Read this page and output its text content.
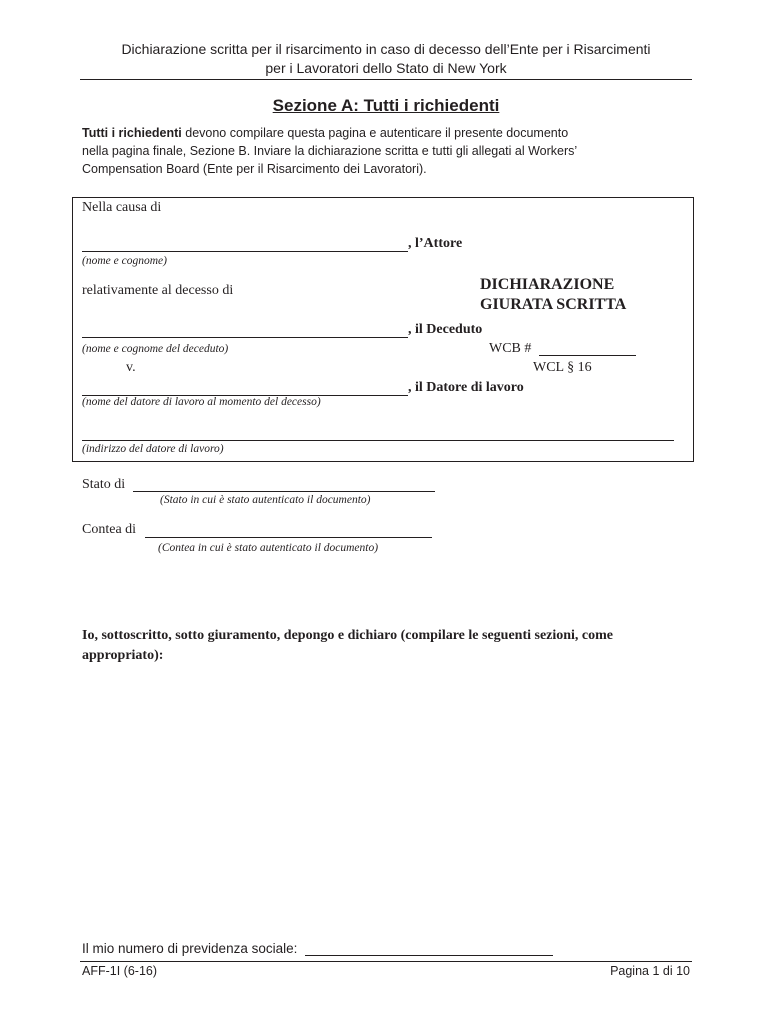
Dichiarazione scritta per il risarcimento in caso di decesso dell’Ente per i Risarcimenti
per i Lavoratori dello Stato di New York
Sezione A: Tutti i richiedenti
Tutti i richiedenti devono compilare questa pagina e autenticare il presente documento
nella pagina finale, Sezione B. Inviare la dichiarazione scritta e tutti gli allegati al Workers’
Compensation Board (Ente per il Risarcimento dei Lavoratori).
Nella causa di
, l’Attore
(nome e cognome)
relativamente al decesso di	DICHIARAZIONE
GIURATA SCRITTA
, il Deceduto
(nome e cognome del deceduto)	WCB #
v.	WCL § 16
, il Datore di lavoro
(nome del datore di lavoro al momento del decesso)
(indirizzo del datore di lavoro)
Stato di
(Stato in cui è stato autenticato il documento)
Contea di
(Contea in cui è stato autenticato il documento)
Io, sottoscritto, sotto giuramento, depongo e dichiaro (compilare le seguenti sezioni, come
appropriato):
Il mio numero di previdenza sociale:
AFF-1I (6-16)	Pagina 1 di 10
